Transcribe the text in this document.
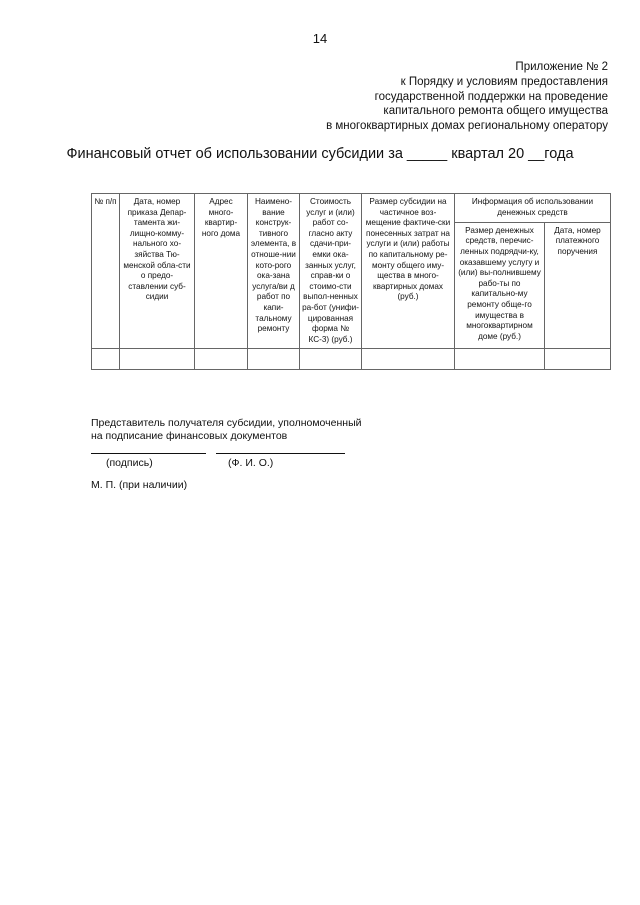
14
Приложение № 2
к Порядку и условиям предоставления
государственной поддержки на проведение
капитального ремонта общего имущества
в многоквартирных домах региональному оператору
Финансовый отчет об использовании субсидии за _____ квартал 20 __года
№ п/п	Дата, номер приказа Депар-тамента жи-лищно-комму-нального хо-зяйства Тю-менской обла-сти о предо-ставлении суб-сидии	Адрес много-квартир-ного дома	Наимено-вание конструк-тивного элемента, в отноше-нии кото-рого ока-зана услуга/ви д работ по капи-тальному ремонту	Стоимость услуг и (или) работ со-гласно акту сдачи-при-емки ока-занных услуг, справ-ки о стоимо-сти выпол-ненных ра-бот (унифи-цированная форма № КС-3) (руб.)	Размер субсидии на частичное воз-мещение фактиче-ски понесенных затрат на услуги и (или) работы по капитальному ре-монту общего иму-щества в много-квартирных домах (руб.)	Информация об использовании денежных средств	
						Размер денежных средств, перечис-ленных подрядчи-ку, оказавшему услугу и (или) вы-полнившему рабо-ты по капитально-му ремонту обще-го имущества в многоквартирном доме (руб.)	Дата, номер платежного поручения

Представитель получателя субсидии, уполномоченный
на подписание финансовых документов
(подпись)	(Ф. И. О.)
М. П. (при наличии)
